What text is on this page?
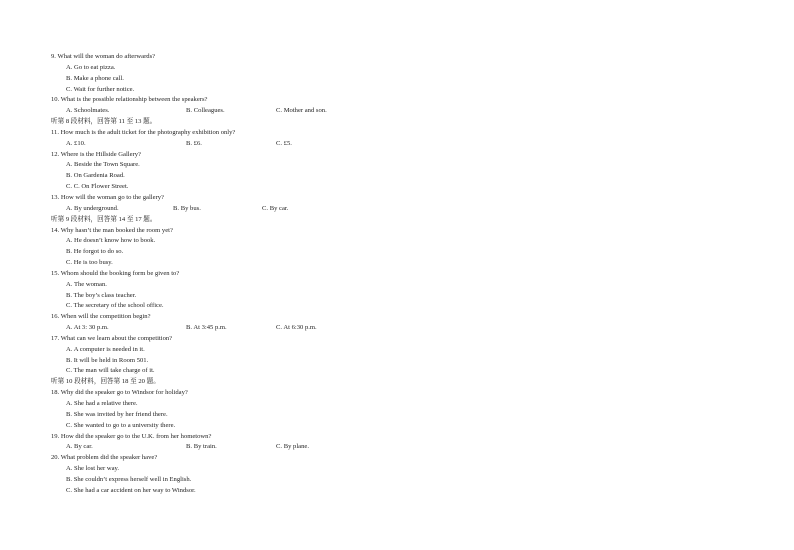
9. What will the woman do afterwards?
A. Go to eat pizza.
B. Make a phone call.
C. Wait for further notice.
10. What is the possible relationship between the speakers?
A. Schoolmates.	B. Colleagues.	C. Mother and son.
听第 8 段材料，回答第 11 至 13 题。
11. How much is the adult ticket for the photography exhibition only?
A. £10.	B. £6.	C. £5.
12. Where is the Hillside Gallery?
A. Beside the Town Square.
B. On Gardenia Road.
C. C. On Flower Street.
13. How will the woman go to the gallery?
A. By underground.	B. By bus.	C. By car.
听第 9 段材料，回答第 14 至 17 题。
14. Why hasn’t the man booked the room yet?
A. He doesn’t know how to book.
B. He forgot to do so.
C. He is too busy.
15. Whom should the booking form be given to?
A. The woman.
B. The boy’s class teacher.
C. The secretary of the school office.
16. When will the competition begin?
A. At 3: 30 p.m.	B. At 3:45 p.m.	C. At 6:30 p.m.
17. What can we learn about the competition?
A. A computer is needed in it.
B. It will be held in Room 501.
C. The man will take charge of it.
听第 10 段材料，回答第 18 至 20 题。
18. Why did the speaker go to Windsor for holiday?
A. She had a relative there.
B. She was invited by her friend there.
C. She wanted to go to a university there.
19. How did the speaker go to the U.K. from her hometown?
A. By car.	B. By train.	C. By plane.
20. What problem did the speaker have?
A. She lost her way.
B. She couldn’t express herself well in English.
C. She had a car accident on her way to Windsor.
